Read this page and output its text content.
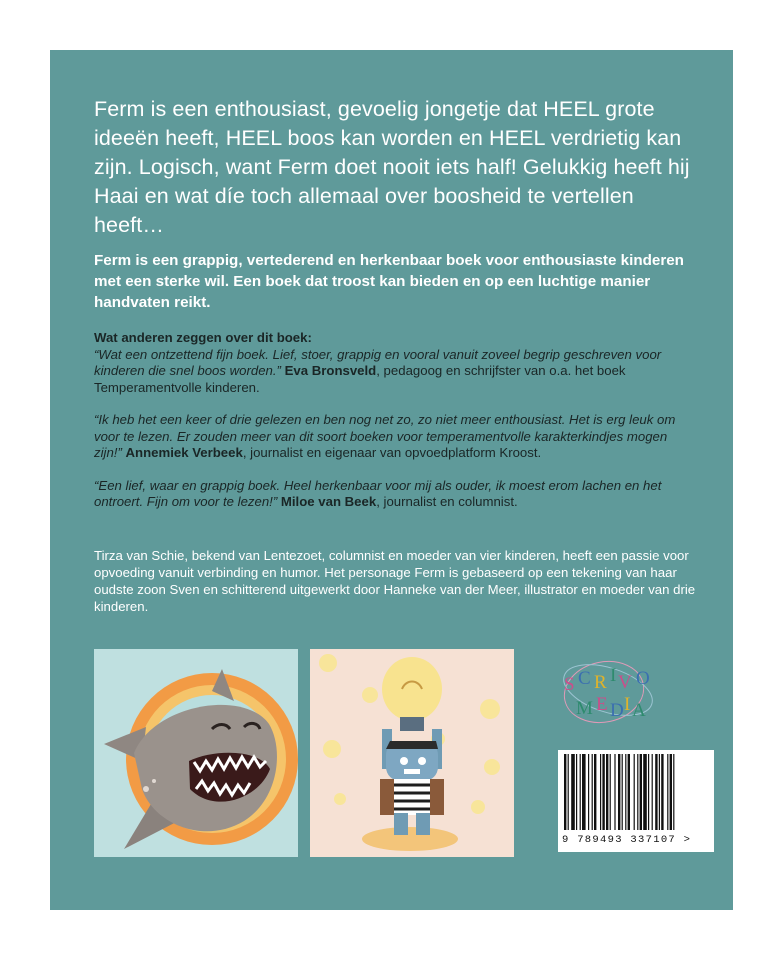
Ferm is een enthousiast, gevoelig jongetje dat HEEL grote ideeën heeft, HEEL boos kan worden en HEEL verdrietig kan zijn. Logisch, want Ferm doet nooit iets half! Gelukkig heeft hij Haai en wat díe toch allemaal over boosheid te vertellen heeft…
Ferm is een grappig, vertederend en herkenbaar boek voor enthousiaste kinderen met een sterke wil. Een boek dat troost kan bieden en op een luchtige manier handvaten reikt.

Wat anderen zeggen over dit boek:
“Wat een ontzettend fijn boek. Lief, stoer, grappig en vooral vanuit zoveel begrip geschreven voor kinderen die snel boos worden.” Eva Bronsveld, pedagoog en schrijfster van o.a. het boek Temperamentvolle kinderen.

“Ik heb het een keer of drie gelezen en ben nog net zo, zo niet meer enthousiast. Het is erg leuk om voor te lezen. Er zouden meer van dit soort boeken voor temperamentvolle karakterkindjes mogen zijn!” Annemiek Verbeek, journalist en eigenaar van opvoedplatform Kroost.

“Een lief, waar en grappig boek. Heel herkenbaar voor mij als ouder, ik moest erom lachen en het ontroert. Fijn om voor te lezen!” Miloe van Beek, journalist en columnist.

Tirza van Schie, bekend van Lentezoet, columnist en moeder van vier kinderen, heeft een passie voor opvoeding vanuit verbinding en humor. Het personage Ferm is gebaseerd op een tekening van haar oudste zoon Sven en schitterend uitgewerkt door Hanneke van der Meer, illustrator en moeder van drie kinderen.
S C R I V O
M E D I A
9 789493 337107 >
